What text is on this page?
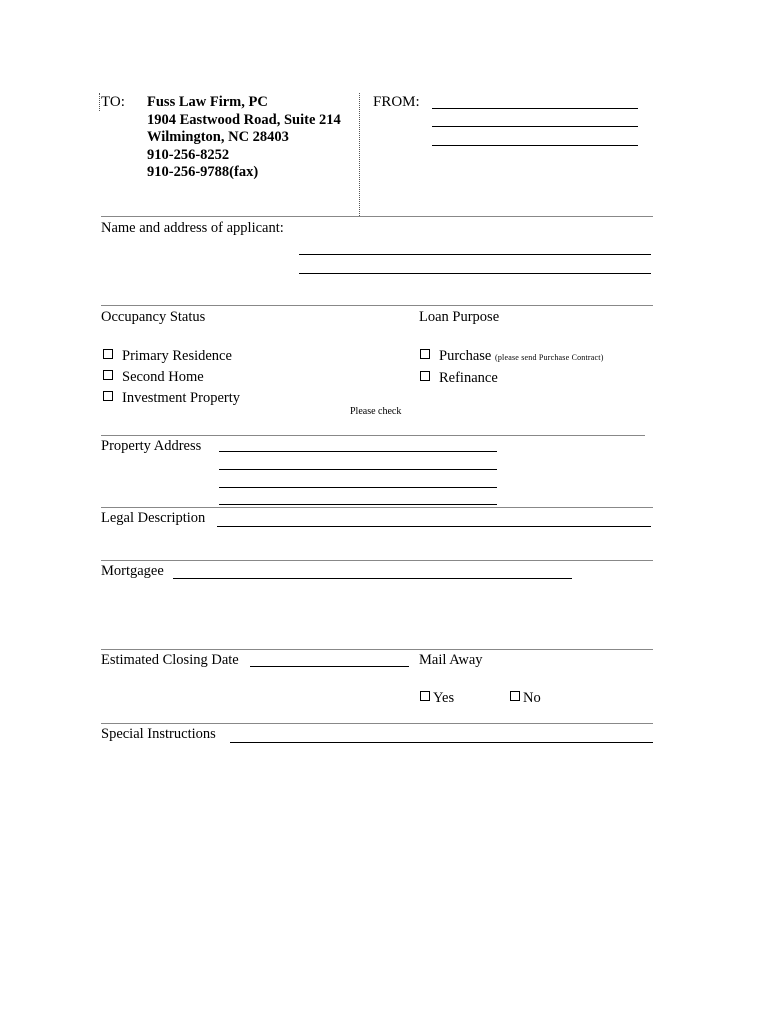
TO: Fuss Law Firm, PC
1904 Eastwood Road, Suite 214
Wilmington, NC 28403
910-256-8252
910-256-9788(fax)
FROM:
Name and address of applicant:
Occupancy Status
Primary Residence
Second Home
Investment Property
Loan Purpose
Purchase (please send Purchase Contract)
Refinance
Please check
Property Address
Legal Description
Mortgagee
Estimated Closing Date	Mail Away
Yes	No
Special Instructions
